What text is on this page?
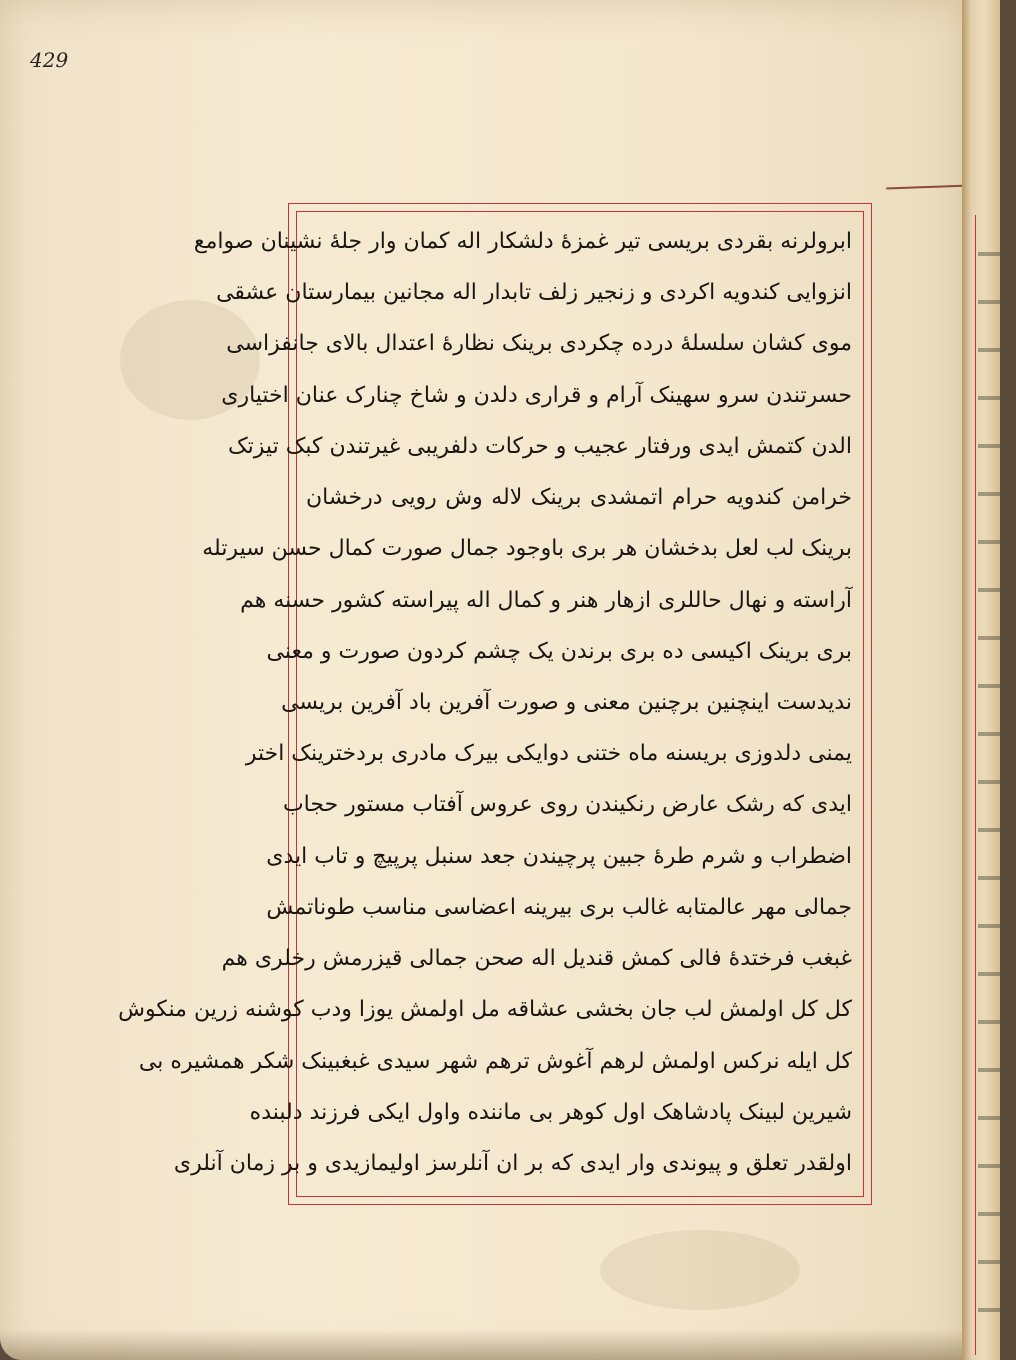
429
ابرولرنه بقردی بریسی تیر غمزهٔ دلشکار اله کمان وار جلهٔ نشینان صوامع
انزوایی کندویه اکردی و زنجیر زلف تابدار اله مجانین بیمارستان عشقی
موی کشان سلسلهٔ درده چکردی برینک نظارهٔ اعتدال بالای جانفزاسی
حسرتندن سرو سهینک آرام و قراری دلدن و شاخ چنارک عنان اختیاری
الدن کتمش ایدی ورفتار عجیب و حرکات دلفریبی غیرتندن کبک تیزتک
خرامن کندویه حرام اتمشدی برینک لاله وش رویی درخشان
برینک لب لعل بدخشان هر بری باوجود جمال صورت کمال حسن سیرتله
آراسته و نهال حاللری ازهار هنر و کمال اله پیراسته کشور حسنه هم
بری برینک اکیسی ده بری برندن یک چشم کردون صورت و معنی
ندیدست اینچنین برچنین معنی و صورت آفرین باد آفرین بریسی
یمنی دلدوزی بریسنه ماه ختنی دوایکی بیرک مادری بردخترینک اختر
ایدی که رشک عارض رنکیندن روی عروس آفتاب مستور حجاب
اضطراب و شرم طرهٔ جبین پرچیندن جعد سنبل پرپیچ و تاب ایدی
جمالی مهر عالمتابه غالب بری بیرینه اعضاسی مناسب طوناتمش
غبغب فرختدهٔ فالی کمش قندیل اله صحن جمالی قیزرمش رخلری هم
کل کل اولمش لب جان بخشی عشاقه مل اولمش یوزا ودب کوشنه زرین منکوش
کل ایله نرکس اولمش لرهم آغوش ترهم شهر سیدی غبغبینک شکر همشیره بی
شیرین لبینک پادشاهک اول کوهر بی ماننده واول ایکی فرزند دلبنده
اولقدر تعلق و پیوندی وار ایدی که بر ان آنلرسز اولیمازیدی و بر زمان آنلری
